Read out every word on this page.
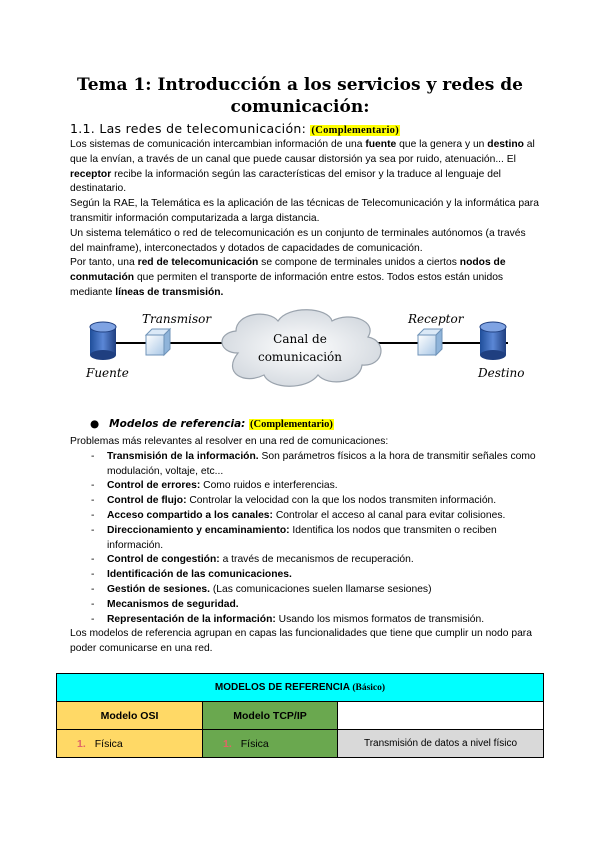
Tema 1: Introducción a los servicios y redes de comunicación:
1.1. Las redes de telecomunicación: (Complementario)

Los sistemas de comunicación intercambian información de una fuente que la genera y un destino al que la envían, a través de un canal que puede causar distorsión ya sea por ruido, atenuación... El receptor recibe la información según las características del emisor y la traduce al lenguaje del destinatario.

Según la RAE, la Telemática es la aplicación de las técnicas de Telecomunicación y la informática para transmitir información computarizada a larga distancia.

Un sistema telemático o red de telecomunicación es un conjunto de terminales autónomos (a través del mainframe), interconectados y dotados de capacidades de comunicación.

Por tanto, una red de telecomunicación se compone de terminales unidos a ciertos nodos de conmutación que permiten el transporte de información entre estos. Todos estos están unidos mediante líneas de transmisión.

Fuente
Transmisor
Canal de
comunicación
Receptor
Destino
● Modelos de referencia: (Complementario)

Problemas más relevantes al resolver en una red de comunicaciones:

- Transmisión de la información. Son parámetros físicos a la hora de transmitir señales como modulación, voltaje, etc...
- Control de errores: Como ruidos e interferencias.
- Control de flujo: Controlar la velocidad con la que los nodos transmiten información.
- Acceso compartido a los canales: Controlar el acceso al canal para evitar colisiones.
- Direccionamiento y encaminamiento: Identifica los nodos que transmiten o reciben información.
- Control de congestión: a través de mecanismos de recuperación.
- Identificación de las comunicaciones.
- Gestión de sesiones. (Las comunicaciones suelen llamarse sesiones)
- Mecanismos de seguridad.
- Representación de la información: Usando los mismos formatos de transmisión.

Los modelos de referencia agrupan en capas las funcionalidades que tiene que cumplir un nodo para poder comunicarse en una red.

MODELOS DE REFERENCIA (Básico)		
Modelo OSI	Modelo TCP/IP	
1. Física	1. Física	Transmisión de datos a nivel físico
